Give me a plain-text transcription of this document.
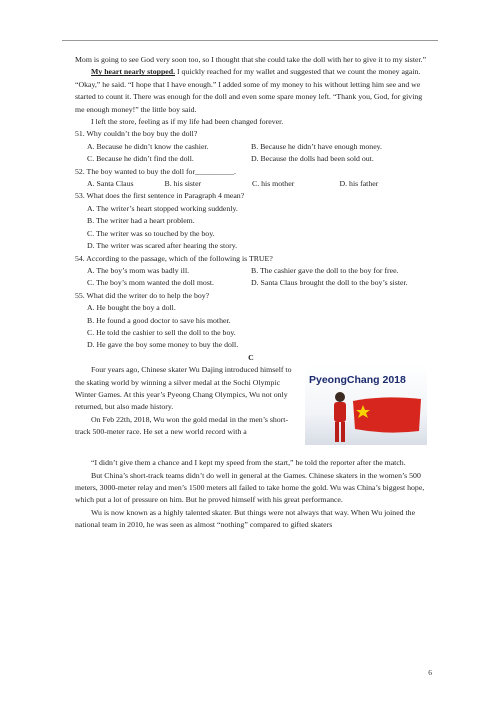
Mom is going to see God very soon too, so I thought that she could take the doll with her to give it to my sister.”

My heart nearly stopped. I quickly reached for my wallet and suggested that we count the money again. “Okay,” he said. “I hope that I have enough.” I added some of my money to his without letting him see and we started to count it. There was enough for the doll and even some spare money left. “Thank you, God, for giving me enough money!” the little boy said.

I left the store, feeling as if my life had been changed forever.

51. Why couldn’t the boy buy the doll?

A. Because he didn’t know the cashier.	B. Because he didn’t have enough money.
C. Because he didn’t find the doll.	D. Because the dolls had been sold out.

52. The boy wanted to buy the doll for__________.

A. Santa Claus	B. his sister	C. his mother	D. his father

53. What does the first sentence in Paragraph 4 mean?

A. The writer’s heart stopped working suddenly.

B. The writer had a heart problem.

C. The writer was so touched by the boy.

D. The writer was scared after hearing the story.

54. According to the passage, which of the following is TRUE?

A. The boy’s mom was badly ill.	B. The cashier gave the doll to the boy for free.
C. The boy’s mom wanted the doll most.	D. Santa Claus brought the doll to the boy’s sister.

55. What did the writer do to help the boy?

A. He bought the boy a doll.

B. He found a good doctor to save his mother.

C. He told the cashier to sell the doll to the boy.

D. He gave the boy some money to buy the doll.

C

PyeongChang 2018

Four years ago, Chinese skater Wu Dajing introduced himself to the skating world by winning a silver medal at the Sochi Olympic Winter Games. At this year’s Pyeong Chang Olympics, Wu not only returned, but also made history.

On Feb 22th, 2018, Wu won the gold medal in the men’s short-track 500-meter race. He set a new world record with a

“I didn’t give them a chance and I kept my speed from the start,” he told the reporter after the match.

But China’s short-track teams didn’t do well in general at the Games. Chinese skaters in the women’s 500 meters, 3000-meter relay and men’s 1500 meters all failed to take home the gold. Wu was China’s biggest hope, which put a lot of pressure on him. But he proved himself with his great performance.

Wu is now known as a highly talented skater. But things were not always that way. When Wu joined the national team in 2010, he was seen as almost “nothing” compared to gifted skaters

6
